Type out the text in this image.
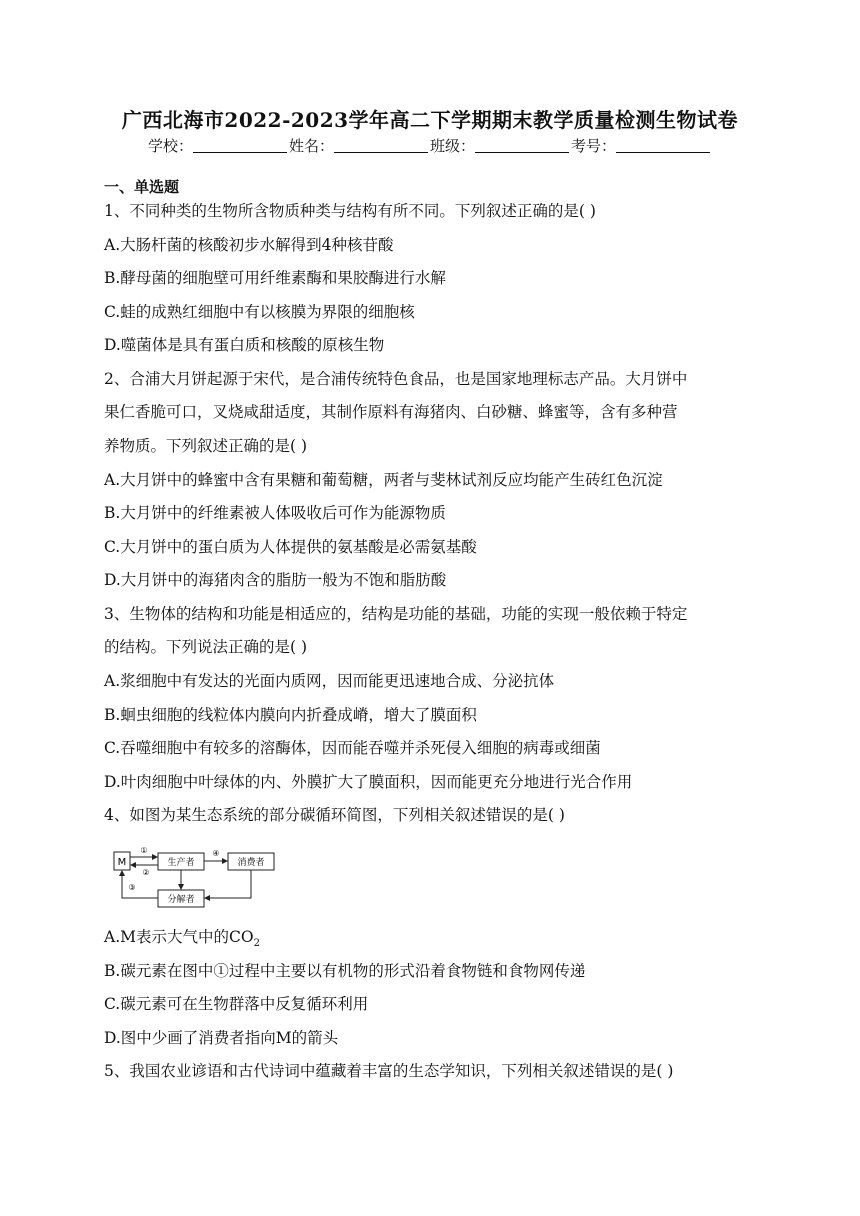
广西北海市2022-2023学年高二下学期期末教学质量检测生物试卷
学校：	姓名：	班级：	考号：
一、单选题
1、不同种类的生物所含物质种类与结构有所不同。下列叙述正确的是( )
A.大肠杆菌的核酸初步水解得到4种核苷酸
B.酵母菌的细胞壁可用纤维素酶和果胶酶进行水解
C.蛙的成熟红细胞中有以核膜为界限的细胞核
D.噬菌体是具有蛋白质和核酸的原核生物
2、合浦大月饼起源于宋代，是合浦传统特色食品，也是国家地理标志产品。大月饼中
果仁香脆可口，叉烧咸甜适度，其制作原料有海猪肉、白砂糖、蜂蜜等，含有多种营
养物质。下列叙述正确的是( )
A.大月饼中的蜂蜜中含有果糖和葡萄糖，两者与斐林试剂反应均能产生砖红色沉淀
B.大月饼中的纤维素被人体吸收后可作为能源物质
C.大月饼中的蛋白质为人体提供的氨基酸是必需氨基酸
D.大月饼中的海猪肉含的脂肪一般为不饱和脂肪酸
3、生物体的结构和功能是相适应的，结构是功能的基础，功能的实现一般依赖于特定
的结构。下列说法正确的是( )
A.浆细胞中有发达的光面内质网，因而能更迅速地合成、分泌抗体
B.蛔虫细胞的线粒体内膜向内折叠成嵴，增大了膜面积
C.吞噬细胞中有较多的溶酶体，因而能吞噬并杀死侵入细胞的病毒或细菌
D.叶肉细胞中叶绿体的内、外膜扩大了膜面积，因而能更充分地进行光合作用
4、如图为某生态系统的部分碳循环简图，下列相关叙述错误的是( )
M	生产者	消费者
分解者
①
②
④
③
A.M表示大气中的$CO_2$
B.碳元素在图中①过程中主要以有机物的形式沿着食物链和食物网传递
C.碳元素可在生物群落中反复循环利用
D.图中少画了消费者指向M的箭头
5、我国农业谚语和古代诗词中蕴藏着丰富的生态学知识，下列相关叙述错误的是( )
